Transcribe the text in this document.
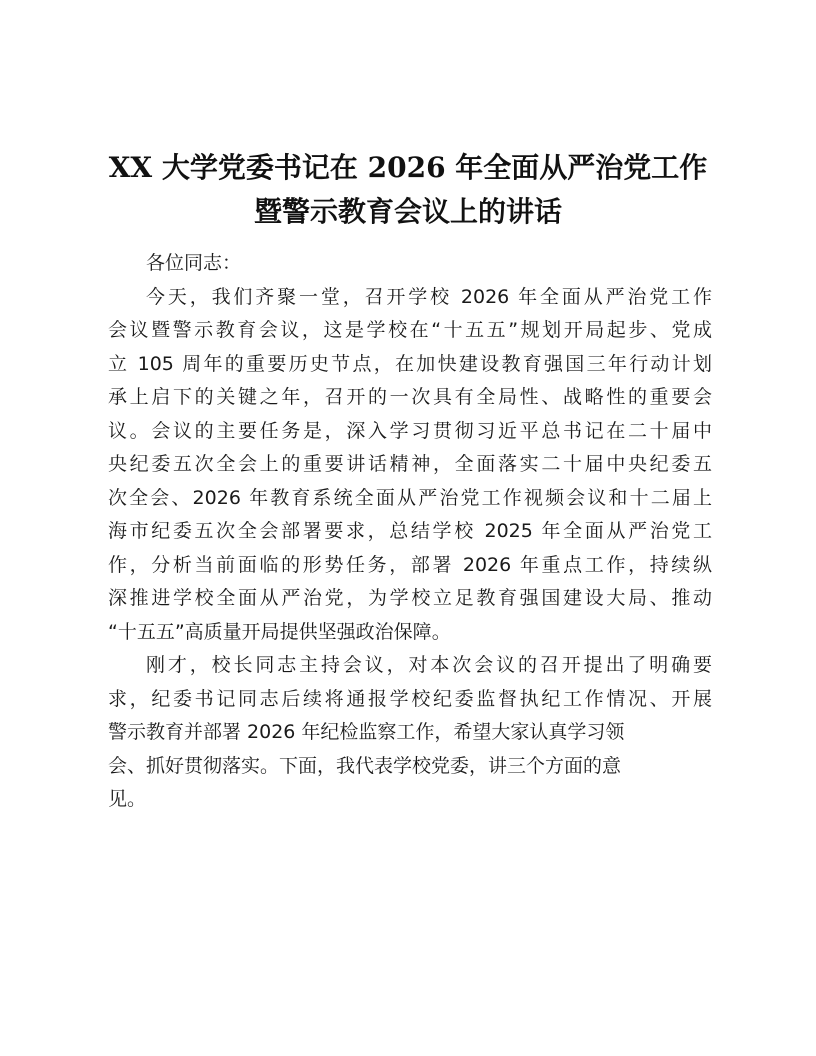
XX 大学党委书记在 2026 年全面从严治党工作
暨警示教育会议上的讲话
各位同志：

今天，我们齐聚一堂，召开学校 2026 年全面从严治党工作
会议暨警示教育会议，这是学校在“十五五”规划开局起步、党成
立 105 周年的重要历史节点，在加快建设教育强国三年行动计划
承上启下的关键之年，召开的一次具有全局性、战略性的重要会
议。会议的主要任务是，深入学习贯彻习近平总书记在二十届中
央纪委五次全会上的重要讲话精神，全面落实二十届中央纪委五
次全会、2026 年教育系统全面从严治党工作视频会议和十二届上
海市纪委五次全会部署要求，总结学校 2025 年全面从严治党工
作，分析当前面临的形势任务，部署 2026 年重点工作，持续纵
深推进学校全面从严治党，为学校立足教育强国建设大局、推动
“十五五”高质量开局提供坚强政治保障。

刚才，校长同志主持会议，对本次会议的召开提出了明确要
求，纪委书记同志后续将通报学校纪委监督执纪工作情况、开展
警示教育并部署 2026 年纪检监察工作，希望大家认真学习领
会、抓好贯彻落实。下面，我代表学校党委，讲三个方面的意
见。
